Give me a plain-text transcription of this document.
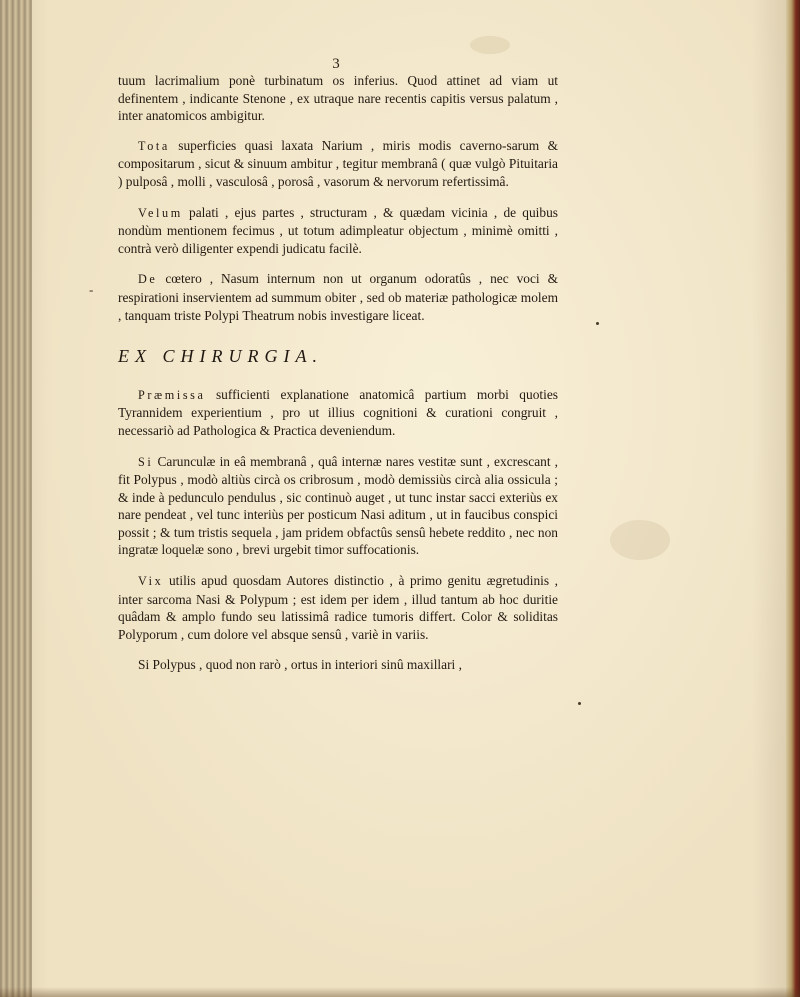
-
3

tuum lacrimalium ponè turbinatum os inferius. Quod attinet ad viam ut definentem , indicante Stenone , ex utraque nare recentis capitis versus palatum , inter anatomicos ambigitur.

Tota superficies quasi laxata Narium , miris modis caverno-sarum & compositarum , sicut & sinuum ambitur , tegitur membranâ ( quæ vulgò Pituitaria ) pulposâ , molli , vasculosâ , porosâ , vasorum & nervorum refertissimâ.

Velum palati , ejus partes , structuram , & quædam vicinia , de quibus nondùm mentionem fecimus , ut totum adimpleatur objectum , minimè omitti , contrà verò diligenter expendi judicatu facilè.

De cœtero , Nasum internum non ut organum odoratûs , nec voci & respirationi inservientem ad summum obiter , sed ob materiæ pathologicæ molem , tanquam triste Polypi Theatrum nobis investigare liceat.

EX CHIRURGIA.

Præmissa sufficienti explanatione anatomicâ partium morbi quoties Tyrannidem experientium , pro ut illius cognitioni & curationi congruit , necessariò ad Pathologica & Practica deveniendum.

Si Carunculæ in eâ membranâ , quâ internæ nares vestitæ sunt , excrescant , fit Polypus , modò altiùs circà os cribrosum , modò demissiùs circà alia ossicula ; & inde à pedunculo pendulus , sic continuò auget , ut tunc instar sacci exteriùs ex nare pendeat , vel tunc interiùs per posticum Nasi aditum , ut in faucibus conspici possit ; & tum tristis sequela , jam pridem obfactûs sensû hebete reddito , nec non ingratæ loquelæ sono , brevi urgebit timor suffocationis.

Vix utilis apud quosdam Autores distinctio , à primo genitu ægretudinis , inter sarcoma Nasi & Polypum ; est idem per idem , illud tantum ab hoc duritie quâdam & amplo fundo seu latissimâ radice tumoris differt. Color & soliditas Polyporum , cum dolore vel absque sensû , variè in variis.

Si Polypus , quod non rarò , ortus in interiori sinû maxillari ,
